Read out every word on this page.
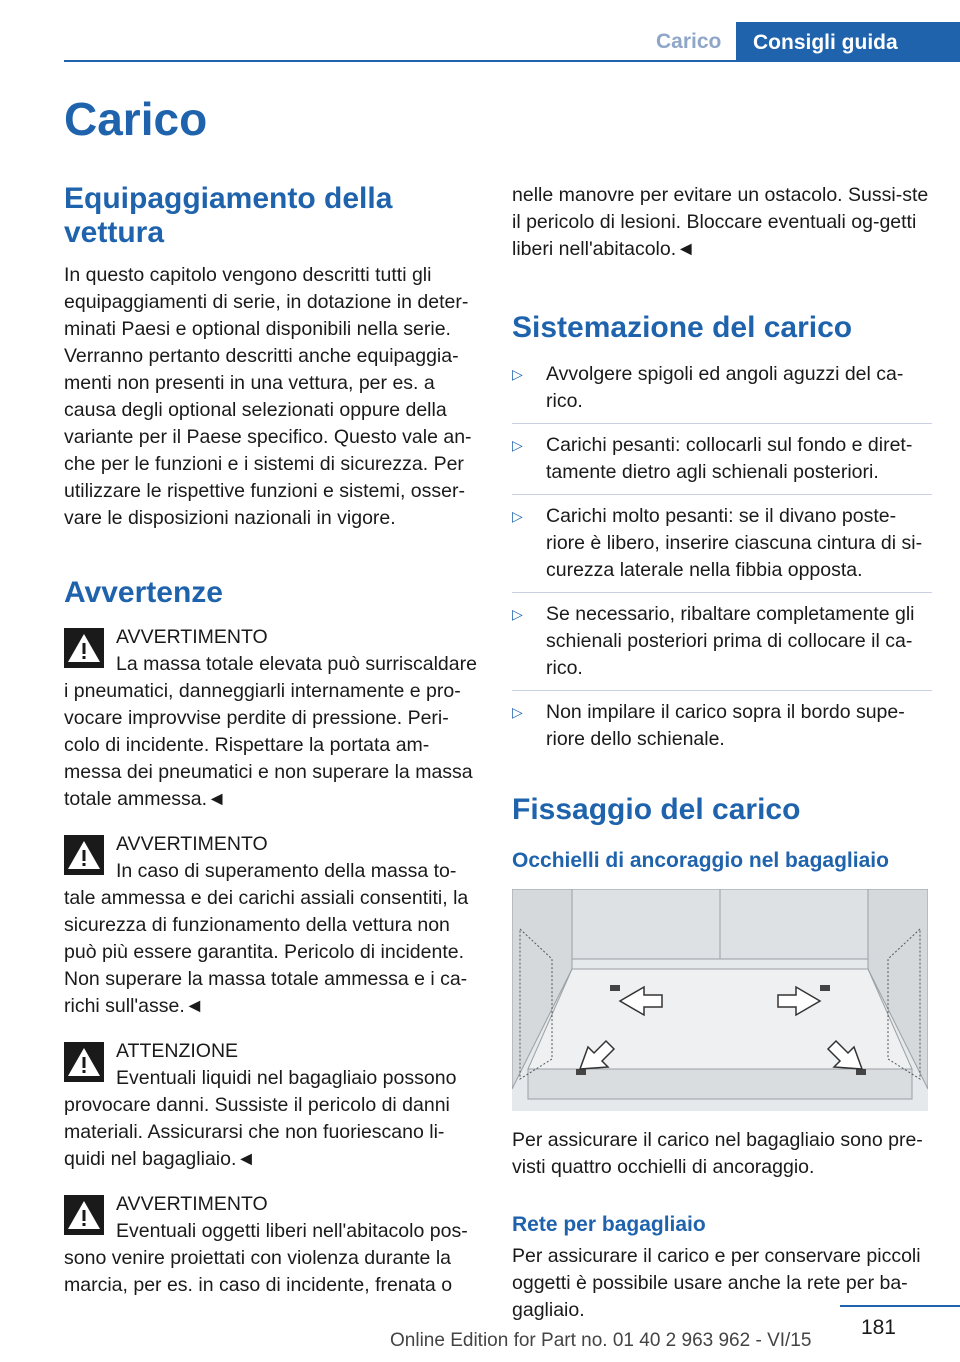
Carico	Consigli guida
Carico
Equipaggiamento della vettura

In questo capitolo vengono descritti tutti gli equipaggiamenti di serie, in dotazione in deter-minati Paesi e optional disponibili nella serie. Verranno pertanto descritti anche equipaggia-menti non presenti in una vettura, per es. a causa degli optional selezionati oppure della variante per il Paese specifico. Questo vale an-che per le funzioni e i sistemi di sicurezza. Per utilizzare le rispettive funzioni e sistemi, osser-vare le disposizioni nazionali in vigore.

Avvertenze
AVVERTIMENTO

La massa totale elevata può surriscaldare

i pneumatici, danneggiarli internamente e pro-vocare improvvise perdite di pressione. Peri-colo di incidente. Rispettare la portata am-messa dei pneumatici e non superare la massa totale ammessa.◄

AVVERTIMENTO

In caso di superamento della massa to-

tale ammessa e dei carichi assiali consentiti, la sicurezza di funzionamento della vettura non può più essere garantita. Pericolo di incidente. Non superare la massa totale ammessa e i ca-richi sull'asse.◄

ATTENZIONE

Eventuali liquidi nel bagagliaio possono

provocare danni. Sussiste il pericolo di danni materiali. Assicurarsi che non fuoriescano li-quidi nel bagagliaio.◄

AVVERTIMENTO

Eventuali oggetti liberi nell'abitacolo pos-

sono venire proiettati con violenza durante la marcia, per es. in caso di incidente, frenata o

nelle manovre per evitare un ostacolo. Sussi-ste il pericolo di lesioni. Bloccare eventuali og-getti liberi nell'abitacolo.◄

Sistemazione del carico
▷ Avvolgere spigoli ed angoli aguzzi del ca-rico.
▷ Carichi pesanti: collocarli sul fondo e diret-tamente dietro agli schienali posteriori.
▷ Carichi molto pesanti: se il divano poste-riore è libero, inserire ciascuna cintura di si-curezza laterale nella fibbia opposta.
▷ Se necessario, ribaltare completamente gli schienali posteriori prima di collocare il ca-rico.
▷ Non impilare il carico sopra il bordo supe-riore dello schienale.
Fissaggio del carico
Occhielli di ancoraggio nel bagagliaio

Per assicurare il carico nel bagagliaio sono pre-visti quattro occhielli di ancoraggio.

Rete per bagagliaio

Per assicurare il carico e per conservare piccoli oggetti è possibile usare anche la rete per ba-gagliaio.

181
Online Edition for Part no. 01 40 2 963 962 - VI/15
